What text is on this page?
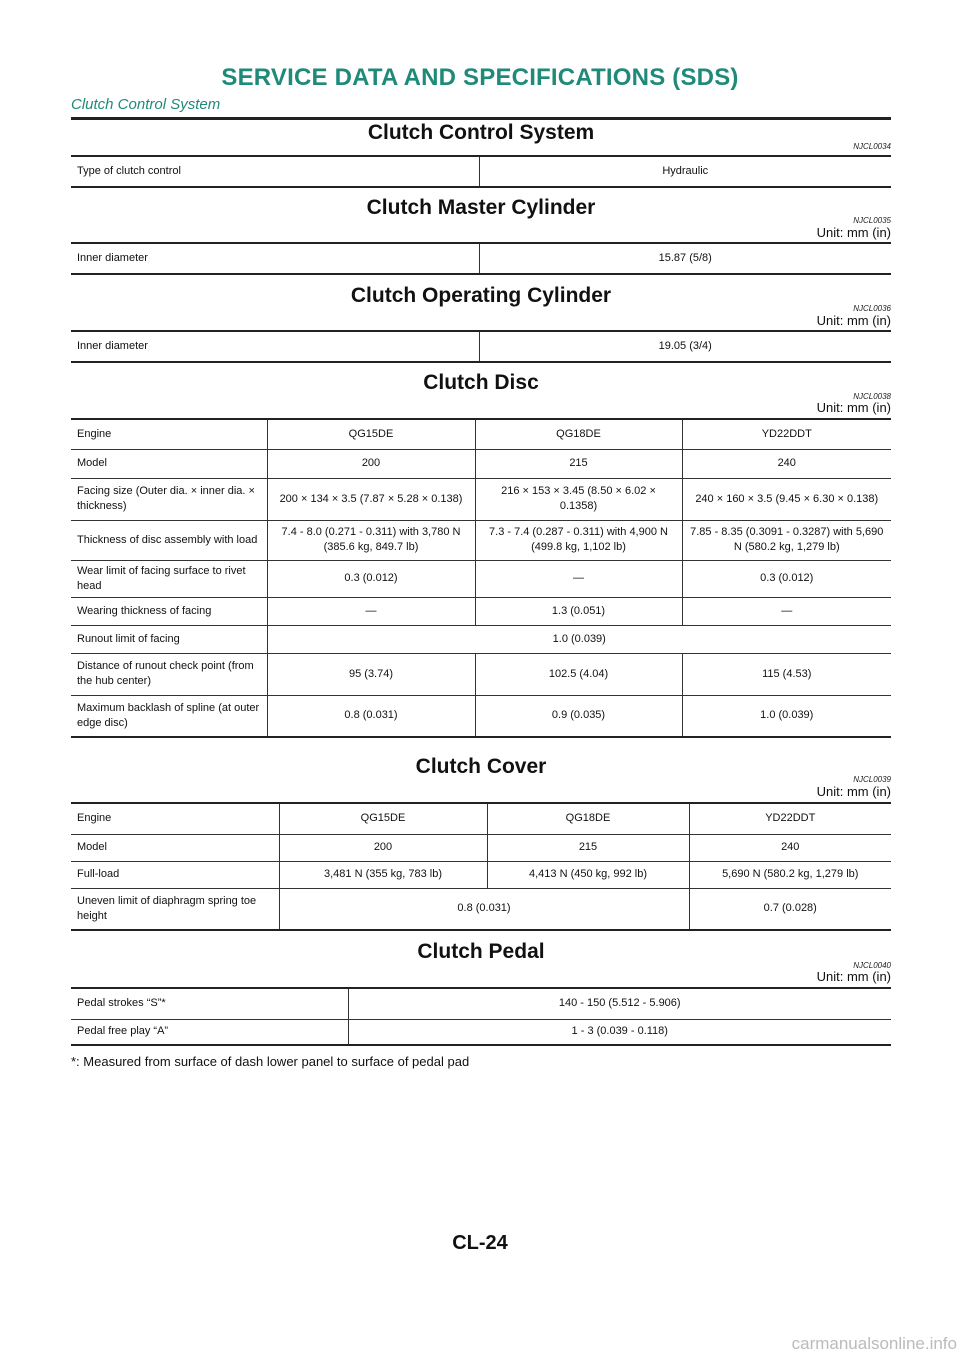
SERVICE DATA AND SPECIFICATIONS (SDS)
Clutch Control System
Clutch Control System
NJCL0034
Type of clutch control	Hydraulic
Clutch Master Cylinder
NJCL0035
Unit: mm (in)
Inner diameter	15.87 (5/8)
Clutch Operating Cylinder
NJCL0036
Unit: mm (in)
Inner diameter	19.05 (3/4)
Clutch Disc
NJCL0038
Unit: mm (in)
Engine	QG15DE	QG18DE	YD22DDT
Model	200	215	240
Facing size (Outer dia. × inner dia. × thickness)	200 × 134 × 3.5 (7.87 × 5.28 × 0.138)	216 × 153 × 3.45 (8.50 × 6.02 × 0.1358)	240 × 160 × 3.5 (9.45 × 6.30 × 0.138)
Thickness of disc assembly with load	7.4 - 8.0 (0.271 - 0.311) with 3,780 N (385.6 kg, 849.7 lb)	7.3 - 7.4 (0.287 - 0.311) with 4,900 N (499.8 kg, 1,102 lb)	7.85 - 8.35 (0.3091 - 0.3287) with 5,690 N (580.2 kg, 1,279 lb)
Wear limit of facing surface to rivet head	0.3 (0.012)	—	0.3 (0.012)
Wearing thickness of facing	—	1.3 (0.051)	—
Runout limit of facing	1.0 (0.039)		
Distance of runout check point (from the hub center)	95 (3.74)	102.5 (4.04)	115 (4.53)
Maximum backlash of spline (at outer edge disc)	0.8 (0.031)	0.9 (0.035)	1.0 (0.039)
Clutch Cover
NJCL0039
Unit: mm (in)
Engine	QG15DE	QG18DE	YD22DDT
Model	200	215	240
Full-load	3,481 N (355 kg, 783 lb)	4,413 N (450 kg, 992 lb)	5,690 N (580.2 kg, 1,279 lb)
Uneven limit of diaphragm spring toe height	0.8 (0.031)		0.7 (0.028)
Clutch Pedal
NJCL0040
Unit: mm (in)
Pedal strokes “S”*	140 - 150 (5.512 - 5.906)
Pedal free play “A”	1 - 3 (0.039 - 0.118)
*: Measured from surface of dash lower panel to surface of pedal pad
CL-24
carmanualsonline.info
